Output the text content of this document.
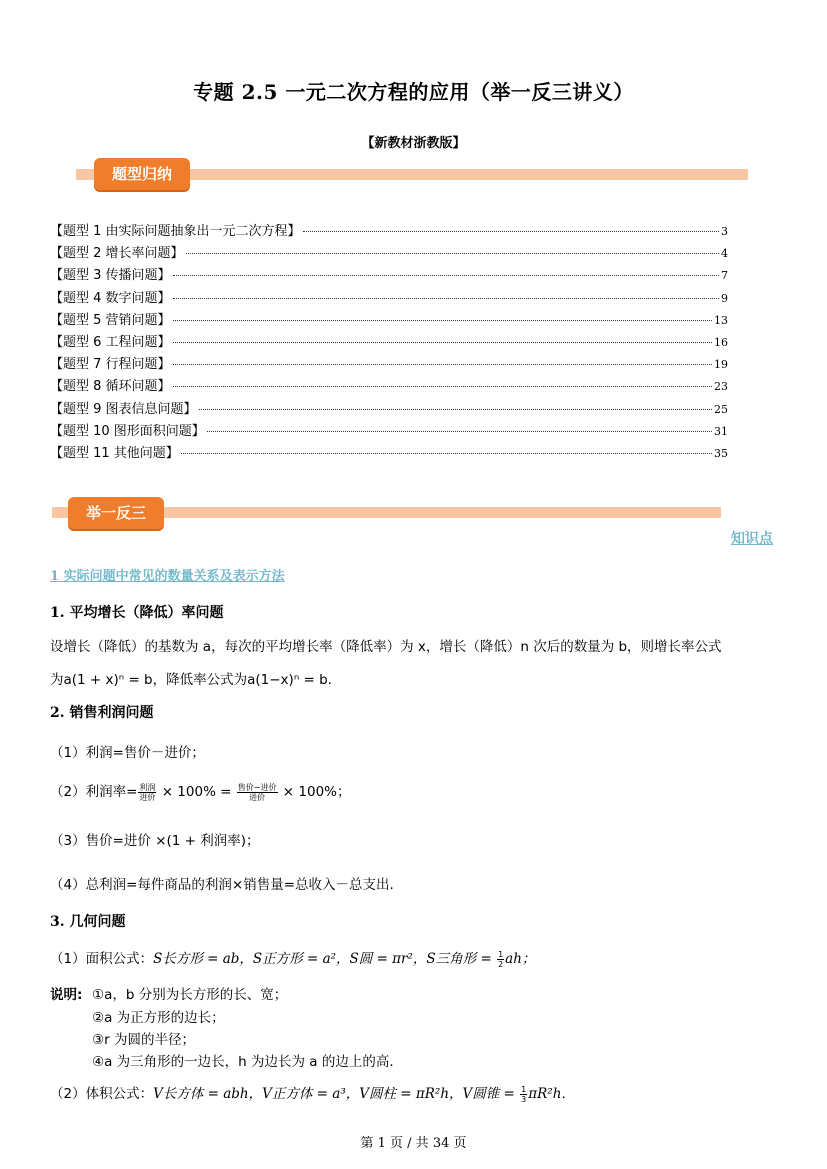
专题 2.5 一元二次方程的应用（举一反三讲义）
【新教材浙教版】
题型归纳
【题型 1 由实际问题抽象出一元二次方程】	3
【题型 2 增长率问题】	4
【题型 3 传播问题】	7
【题型 4 数字问题】	9
【题型 5 营销问题】	13
【题型 6 工程问题】	16
【题型 7 行程问题】	19
【题型 8 循环问题】	23
【题型 9 图表信息问题】	25
【题型 10 图形面积问题】	31
【题型 11 其他问题】	35
举一反三
知识点
1 实际问题中常见的数量关系及表示方法
1. 平均增长（降低）率问题
设增长（降低）的基数为 a，每次的平均增长率（降低率）为 x，增长（降低）n 次后的数量为 b，则增长率公式
为a(1 + x)ⁿ = b，降低率公式为a(1−x)ⁿ = b．
2. 销售利润问题
（1）利润=售价－进价；
（2）利润率= $\frac{\text{利润}}{\text{进价}} \times 100\% = \frac{\text{售价−进价}}{\text{进价}} \times 100\%$；
（3）售价=进价 ×(1 + 利润率)；
（4）总利润=每件商品的利润×销售量=总收入－总支出.
3. 几何问题
（1）面积公式：S长方形 = ab，S正方形 = a²，S圆 = πr²，S三角形 = $\frac{1}{2}$ ah；
说明: ①a，b 分别为长方形的长、宽；
②a 为正方形的边长；
③r 为圆的半径；
④a 为三角形的一边长，h 为边长为 a 的边上的高．
（2）体积公式：V长方体 = abh，V正方体 = a³，V圆柱 = πR²h，V圆锥 = $\frac{1}{3} \pi R^2h$．
第 1 页 / 共 34 页
